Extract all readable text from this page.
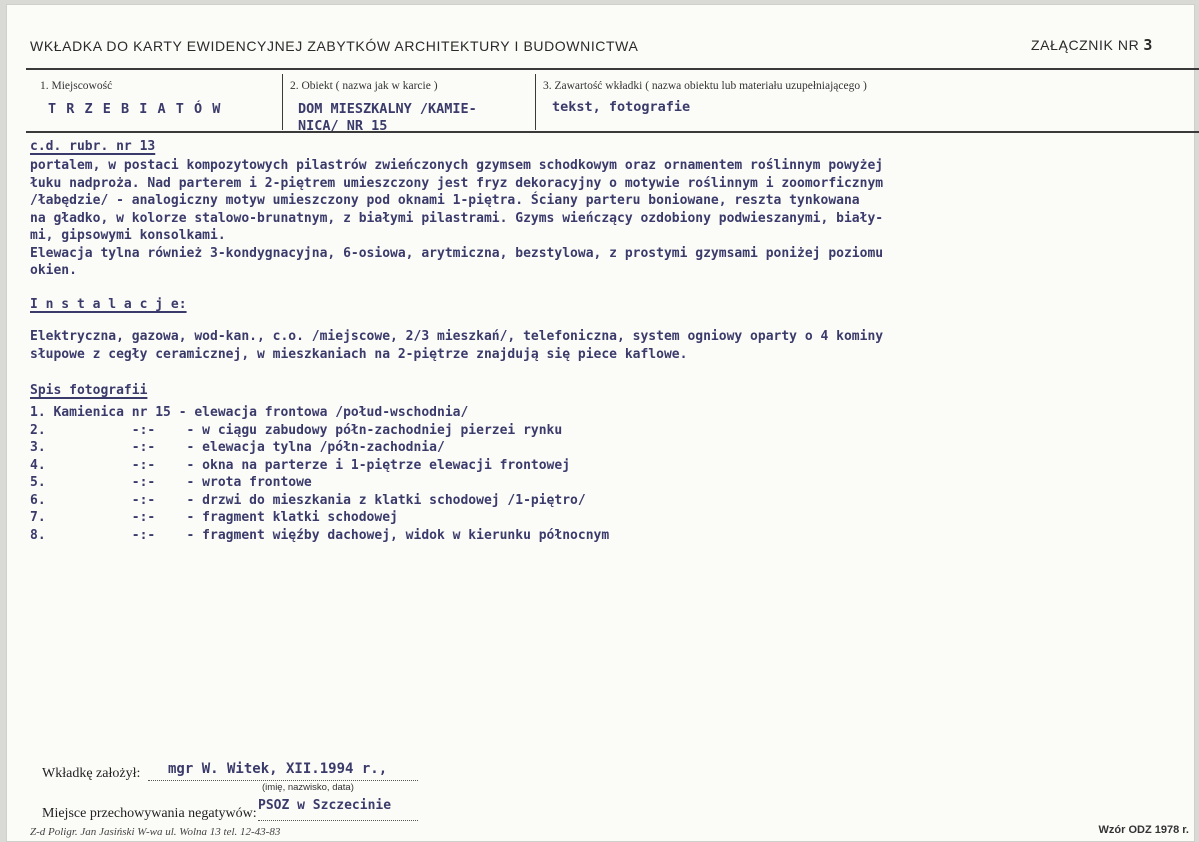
WKŁADKA DO KARTY EWIDENCYJNEJ ZABYTKÓW ARCHITEKTURY I BUDOWNICTWA	ZAŁĄCZNIK NR 3
1. Miejscowość
T R Z E B I A T Ó W
2. Obiekt ( nazwa jak w karcie )
DOM MIESZKALNY /KAMIE-
NICA/ NR 15
3. Zawartość wkładki ( nazwa obiektu lub materiału uzupełniającego )
tekst, fotografie
c.d. rubr. nr 13

portalem, w postaci kompozytowych pilastrów zwieńczonych gzymsem schodkowym oraz ornamentem roślinnym powyżej

łuku nadproża. Nad parterem i 2-piętrem umieszczony jest fryz dekoracyjny o motywie roślinnym i zoomorficznym

/łabędzie/ - analogiczny motyw umieszczony pod oknami 1-piętra. Ściany parteru boniowane, reszta tynkowana

na gładko, w kolorze stalowo-brunatnym, z białymi pilastrami. Gzyms wieńczący ozdobiony podwieszanymi, biały-

mi, gipsowymi konsolkami.

Elewacja tylna również 3-kondygnacyjna, 6-osiowa, arytmiczna, bezstylowa, z prostymi gzymsami poniżej poziomu

okien.

I n s t a l a c j e:

Elektryczna, gazowa, wod-kan., c.o. /miejscowe, 2/3 mieszkań/, telefoniczna, system ogniowy oparty o 4 kominy

słupowe z cegły ceramicznej, w mieszkaniach na 2-piętrze znajdują się piece kaflowe.

Spis fotografii
1. Kamienica nr 15 - elewacja frontowa /połud-wschodnia/
2.           -:-    - w ciągu zabudowy półn-zachodniej pierzei rynku
3.           -:-    - elewacja tylna /półn-zachodnia/
4.           -:-    - okna na parterze i 1-piętrze elewacji frontowej
5.           -:-    - wrota frontowe
6.           -:-    - drzwi do mieszkania z klatki schodowej /1-piętro/
7.           -:-    - fragment klatki schodowej
8.           -:-    - fragment więźby dachowej, widok w kierunku północnym
Wkładkę założył: mgr W. Witek, XII.1994 r.,
(imię, nazwisko, data)
Miejsce przechowywania negatywów:
PSOZ w Szczecinie
Z-d Poligr. Jan Jasiński W-wa ul. Wolna 13 tel. 12-43-83	Wzór ODZ 1978 r.
